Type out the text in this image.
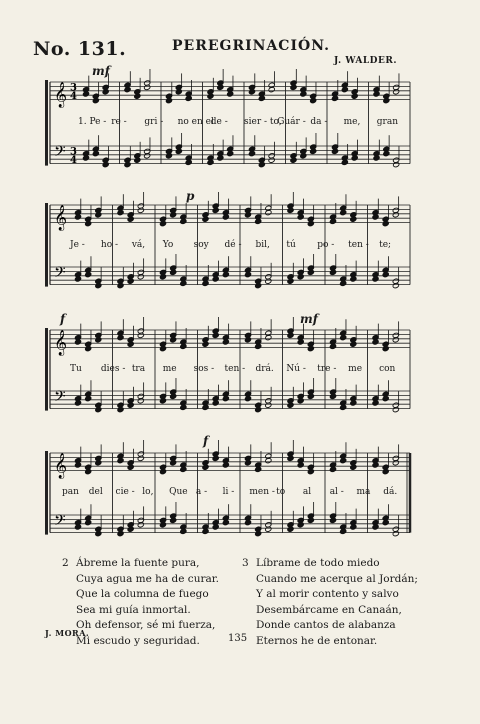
No. 131.	PEREGRINACIÓN.
J. WALDER.
𝄞
𝄢
3
3
4
4
𝄞
𝄢
𝄞
𝄢
𝄞
𝄢
mf
p
f	mf
f
1. Pe - re - gri - no en el
de - sier - to,
Guár - da - me, gran
Je - ho - vá, Yo soy dé - bil, tú po - ten - te;
Tu dies - tra me sos - ten - drá. Nú - tre - me con
pan del cie - lo, Que a - li - men - to al al - ma dá.
2 Ábreme la fuente pura,
Cuya agua me ha de curar.
Que la columna de fuego
Sea mi guía inmortal.
Oh defensor, sé mi fuerza,
Mi escudo y seguridad.
3 Líbrame de todo miedo
Cuando me acerque al Jordán;
Y al morir contento y salvo
Desembárcame en Canaán,
Donde cantos de alabanza
Eternos he de entonar.
J. MORA.	135
